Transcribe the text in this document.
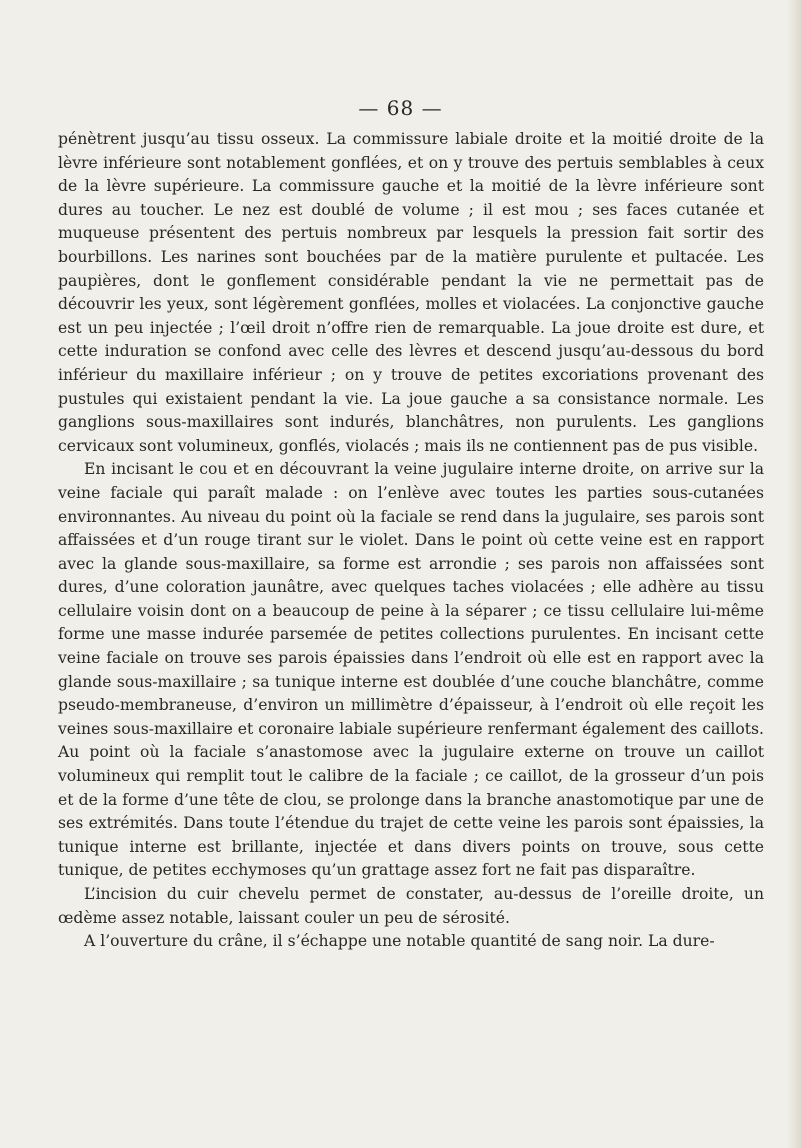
— 68 —

pénètrent jusqu’au tissu osseux. La commissure labiale droite et la moitié droite de la lèvre inférieure sont notablement gonflées, et on y trouve des pertuis semblables à ceux de la lèvre supérieure. La commissure gauche et la moitié de la lèvre inférieure sont dures au toucher. Le nez est doublé de volume ; il est mou ; ses faces cutanée et muqueuse présentent des pertuis nombreux par lesquels la pression fait sortir des bourbillons. Les narines sont bouchées par de la matière purulente et pultacée. Les paupières, dont le gonflement considérable pendant la vie ne permettait pas de découvrir les yeux, sont légèrement gonflées, molles et violacées. La conjonctive gauche est un peu injectée ; l’œil droit n’offre rien de remarquable. La joue droite est dure, et cette induration se confond avec celle des lèvres et descend jusqu’au-dessous du bord inférieur du maxillaire inférieur ; on y trouve de petites excoriations provenant des pustules qui existaient pendant la vie. La joue gauche a sa consistance normale. Les ganglions sous-maxillaires sont indurés, blanchâtres, non purulents. Les ganglions cervicaux sont volumineux, gonflés, violacés ; mais ils ne contiennent pas de pus visible.

En incisant le cou et en découvrant la veine jugulaire interne droite, on arrive sur la veine faciale qui paraît malade : on l’enlève avec toutes les parties sous-cutanées environnantes. Au niveau du point où la faciale se rend dans la jugulaire, ses parois sont affaissées et d’un rouge tirant sur le violet. Dans le point où cette veine est en rapport avec la glande sous-maxillaire, sa forme est arrondie ; ses parois non affaissées sont dures, d’une coloration jaunâtre, avec quelques taches violacées ; elle adhère au tissu cellulaire voisin dont on a beaucoup de peine à la séparer ; ce tissu cellulaire lui-même forme une masse indurée parsemée de petites collections purulentes. En incisant cette veine faciale on trouve ses parois épaissies dans l’endroit où elle est en rapport avec la glande sous-maxillaire ; sa tunique interne est doublée d’une couche blanchâtre, comme pseudo-membraneuse, d’environ un millimètre d’épaisseur, à l’endroit où elle reçoit les veines sous-maxillaire et coronaire labiale supérieure renfermant également des caillots. Au point où la faciale s’anastomose avec la jugulaire externe on trouve un caillot volumineux qui remplit tout le calibre de la faciale ; ce caillot, de la grosseur d’un pois et de la forme d’une tête de clou, se prolonge dans la branche anastomotique par une de ses extrémités. Dans toute l’étendue du trajet de cette veine les parois sont épaissies, la tunique interne est brillante, injectée et dans divers points on trouve, sous cette tunique, de petites ecchymoses qu’un grattage assez fort ne fait pas disparaître.

L’incision du cuir chevelu permet de constater, au-dessus de l’oreille droite, un œdème assez notable, laissant couler un peu de sérosité.

A l’ouverture du crâne, il s’échappe une notable quantité de sang noir. La dure-
